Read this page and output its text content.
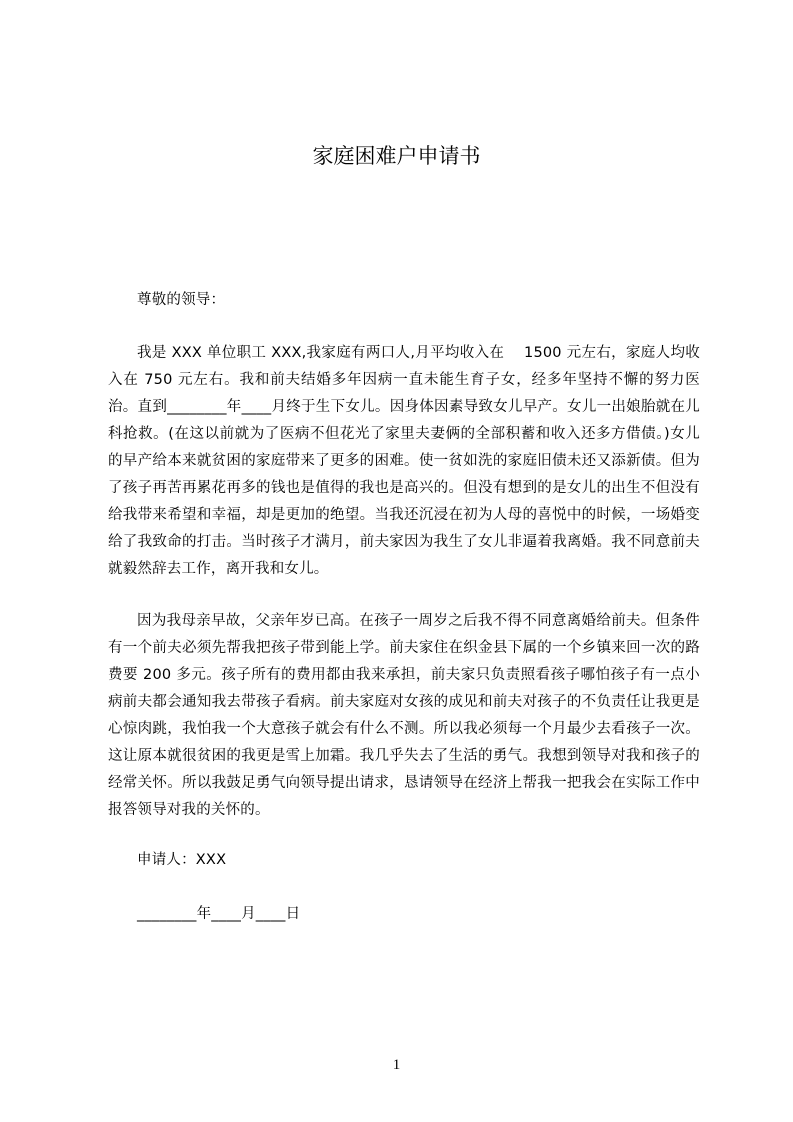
家庭困难户申请书

尊敬的领导：

我是 XXX 单位职工 XXX,我家庭有两口人,月平均收入在　 1500 元左右，家庭人均收入在 750 元左右。我和前夫结婚多年因病一直未能生育子女，经多年坚持不懈的努力医治。直到________年____月终于生下女儿。因身体因素导致女儿早产。女儿一出娘胎就在儿科抢救。(在这以前就为了医病不但花光了家里夫妻俩的全部积蓄和收入还多方借债。)女儿的早产给本来就贫困的家庭带来了更多的困难。使一贫如洗的家庭旧债未还又添新债。但为了孩子再苦再累花再多的钱也是值得的我也是高兴的。但没有想到的是女儿的出生不但没有给我带来希望和幸福，却是更加的绝望。当我还沉浸在初为人母的喜悦中的时候，一场婚变给了我致命的打击。当时孩子才满月，前夫家因为我生了女儿非逼着我离婚。我不同意前夫就毅然辞去工作，离开我和女儿。

因为我母亲早故，父亲年岁已高。在孩子一周岁之后我不得不同意离婚给前夫。但条件有一个前夫必须先帮我把孩子带到能上学。前夫家住在织金县下属的一个乡镇来回一次的路费要 200 多元。孩子所有的费用都由我来承担，前夫家只负责照看孩子哪怕孩子有一点小病前夫都会通知我去带孩子看病。前夫家庭对女孩的成见和前夫对孩子的不负责任让我更是心惊肉跳，我怕我一个大意孩子就会有什么不测。所以我必须每一个月最少去看孩子一次。这让原本就很贫困的我更是雪上加霜。我几乎失去了生活的勇气。我想到领导对我和孩子的经常关怀。所以我鼓足勇气向领导提出请求，恳请领导在经济上帮我一把我会在实际工作中报答领导对我的关怀的。

申请人：XXX

________年____月____日

1
